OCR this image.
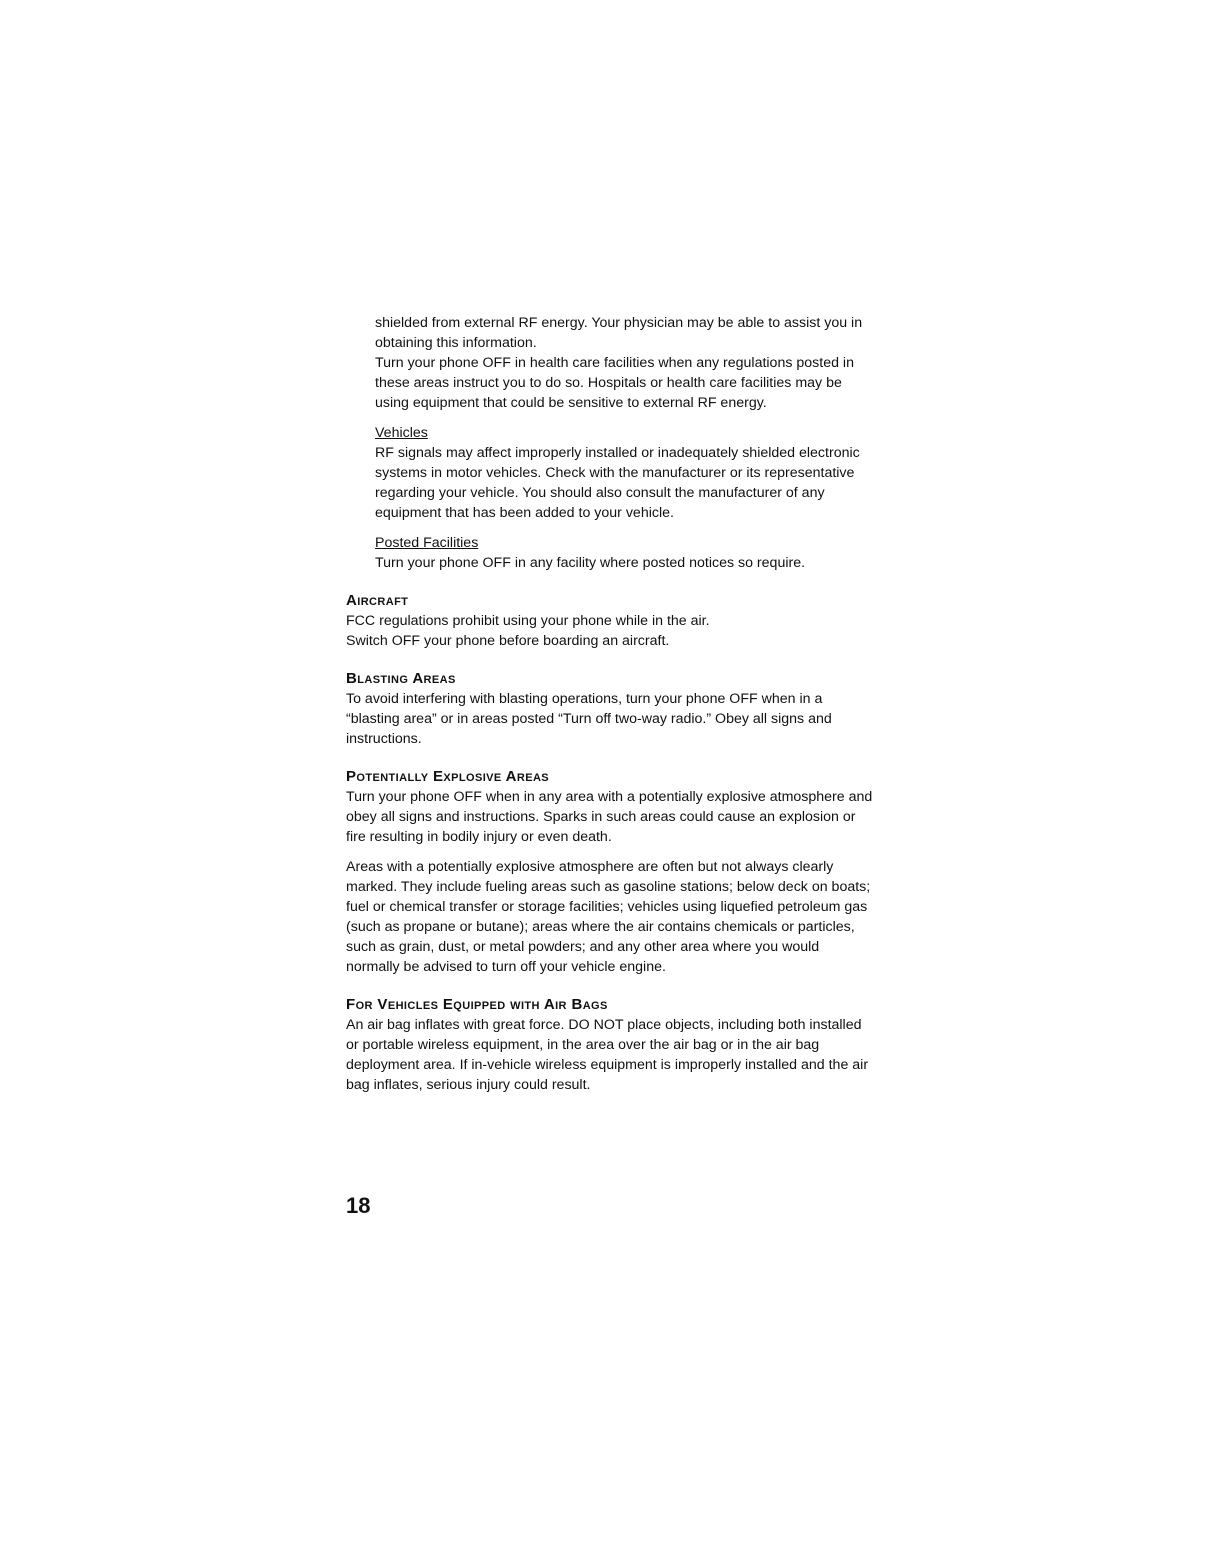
shielded from external RF energy. Your physician may be able to assist you in obtaining this information.

Turn your phone OFF in health care facilities when any regulations posted in these areas instruct you to do so. Hospitals or health care facilities may be using equipment that could be sensitive to external RF energy.

Vehicles

RF signals may affect improperly installed or inadequately shielded electronic systems in motor vehicles. Check with the manufacturer or its representative regarding your vehicle. You should also consult the manufacturer of any equipment that has been added to your vehicle.

Posted Facilities

Turn your phone OFF in any facility where posted notices so require.

Aircraft

FCC regulations prohibit using your phone while in the air.

Switch OFF your phone before boarding an aircraft.

Blasting Areas

To avoid interfering with blasting operations, turn your phone OFF when in a “blasting area” or in areas posted “Turn off two-way radio.” Obey all signs and instructions.

Potentially Explosive Areas

Turn your phone OFF when in any area with a potentially explosive atmosphere and obey all signs and instructions. Sparks in such areas could cause an explosion or fire resulting in bodily injury or even death.

Areas with a potentially explosive atmosphere are often but not always clearly marked. They include fueling areas such as gasoline stations; below deck on boats; fuel or chemical transfer or storage facilities; vehicles using liquefied petroleum gas (such as propane or butane); areas where the air contains chemicals or particles, such as grain, dust, or metal powders; and any other area where you would normally be advised to turn off your vehicle engine.

For Vehicles Equipped with Air Bags

An air bag inflates with great force. DO NOT place objects, including both installed or portable wireless equipment, in the area over the air bag or in the air bag deployment area. If in-vehicle wireless equipment is improperly installed and the air bag inflates, serious injury could result.

18
